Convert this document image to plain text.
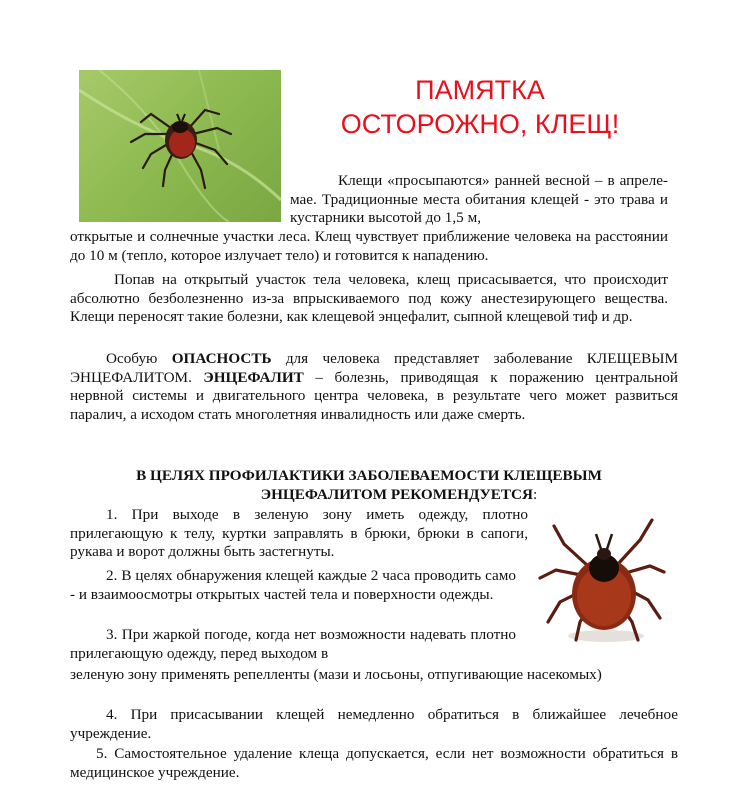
ПАМЯТКА

ОСТОРОЖНО, КЛЕЩ!

Клещи «просыпаются» ранней весной – в апреле-мае. Традиционные места обитания клещей - это трава и кустарники высотой до 1,5 м,

открытые и солнечные участки леса. Клещ чувствует приближение человека на расстоянии до 10 м (тепло, которое излучает тело) и готовится к нападению.

Попав на открытый участок тела человека, клещ присасывается, что происходит абсолютно безболезненно из-за впрыскиваемого под кожу анестезирующего вещества. Клещи переносят такие болезни, как клещевой энцефалит, сыпной клещевой тиф и др.

Особую ОПАСНОСТЬ для человека представляет заболевание КЛЕЩЕВЫМ ЭНЦЕФАЛИТОМ. ЭНЦЕФАЛИТ – болезнь, приводящая к поражению центральной нервной системы и двигательного центра человека, в результате чего может развиться паралич, а исходом стать многолетняя инвалидность или даже смерть.

В ЦЕЛЯХ ПРОФИЛАКТИКИ ЗАБОЛЕВАЕМОСТИ КЛЕЩЕВЫМ

ЭНЦЕФАЛИТОМ РЕКОМЕНДУЕТСЯ:

1. При выходе в зеленую зону иметь одежду, плотно прилегающую к телу, куртки заправлять в брюки, брюки в сапоги, рукава и ворот должны быть застегнуты.

2. В целях обнаружения клещей каждые 2 часа проводить само - и взаимоосмотры открытых частей тела и поверхности одежды.

3. При жаркой погоде, когда нет возможности надевать плотно прилегающую одежду, перед выходом в

зеленую зону применять репелленты (мази и лосьоны, отпугивающие насекомых)

4. При присасывании клещей немедленно обратиться в ближайшее лечебное учреждение.

5. Самостоятельное удаление клеща допускается, если нет возможности обратиться в медицинское учреждение.
